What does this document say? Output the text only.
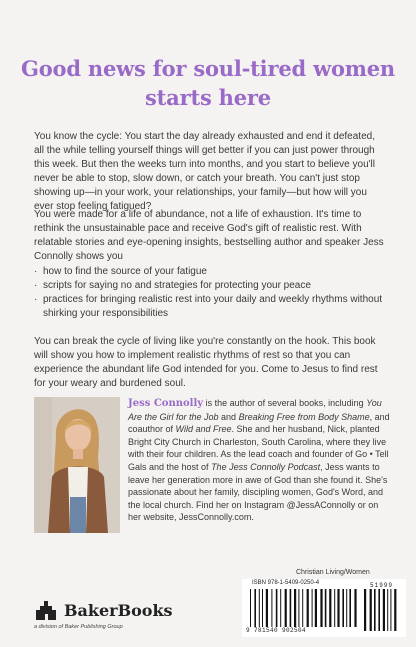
Good news for soul-tired women
starts here

You know the cycle: You start the day already exhausted and end it defeated, all the while telling yourself things will get better if you can just power through this week. But then the weeks turn into months, and you start to believe you'll never be able to stop, slow down, or catch your breath. You can't just stop showing up—in your work, your relationships, your family—but how will you ever stop feeling fatigued?

You were made for a life of abundance, not a life of exhaustion. It's time to rethink the unsustainable pace and receive God's gift of realistic rest. With relatable stories and eye-opening insights, bestselling author and speaker Jess Connolly shows you

· how to find the source of your fatigue
· scripts for saying no and strategies for protecting your peace
· practices for bringing realistic rest into your daily and weekly rhythms without shirking your responsibilities

You can break the cycle of living like you're constantly on the hook. This book will show you how to implement realistic rhythms of rest so that you can experience the abundant life God intended for you. Come to Jesus to find rest for your weary and burdened soul.

Jess Connolly is the author of several books, including You Are the Girl for the Job and Breaking Free from Body Shame, and coauthor of Wild and Free. She and her husband, Nick, planted Bright City Church in Charleston, South Carolina, where they live with their four children. As the lead coach and founder of Go • Tell Gals and the host of The Jess Connolly Podcast, Jess wants to leave her generation more in awe of God than she found it. She's passionate about her family, discipling women, God's Word, and the local church. Find her on Instagram @JessAConnolly or on her website, JessConnolly.com.
Christian Living/Women
ISBN 978-1-5409-0250-4
9 781540 902504
51999
BakerBooks
a division of Baker Publishing Group
